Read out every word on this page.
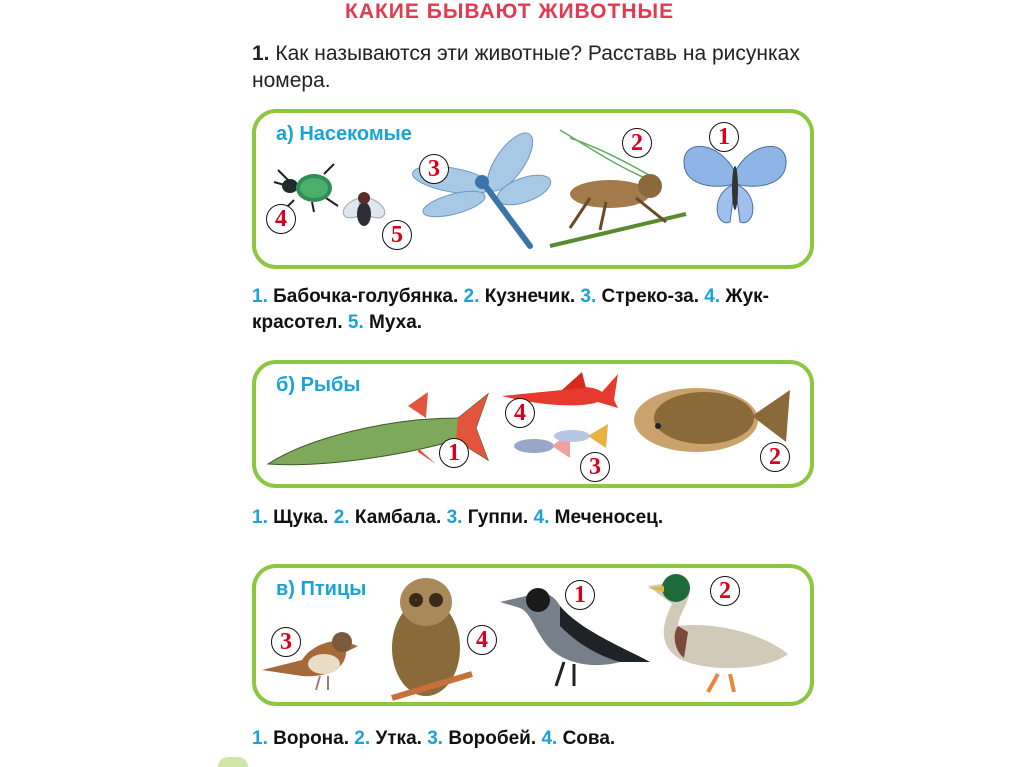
КАКИЕ БЫВАЮТ ЖИВОТНЫЕ
1. Как называются эти животные? Расставь на рисунках номера.
а) Насекомые
4
5
3
2	1
1. Бабочка-голубянка. 2. Кузнечик. 3. Стреко-за. 4. Жук-красотел. 5. Муха.
б) Рыбы
4
1
3	2
1. Щука. 2. Камбала. 3. Гуппи. 4. Меченосец.
в) Птицы
3	4
1	2
1. Ворона. 2. Утка. 3. Воробей. 4. Сова.
